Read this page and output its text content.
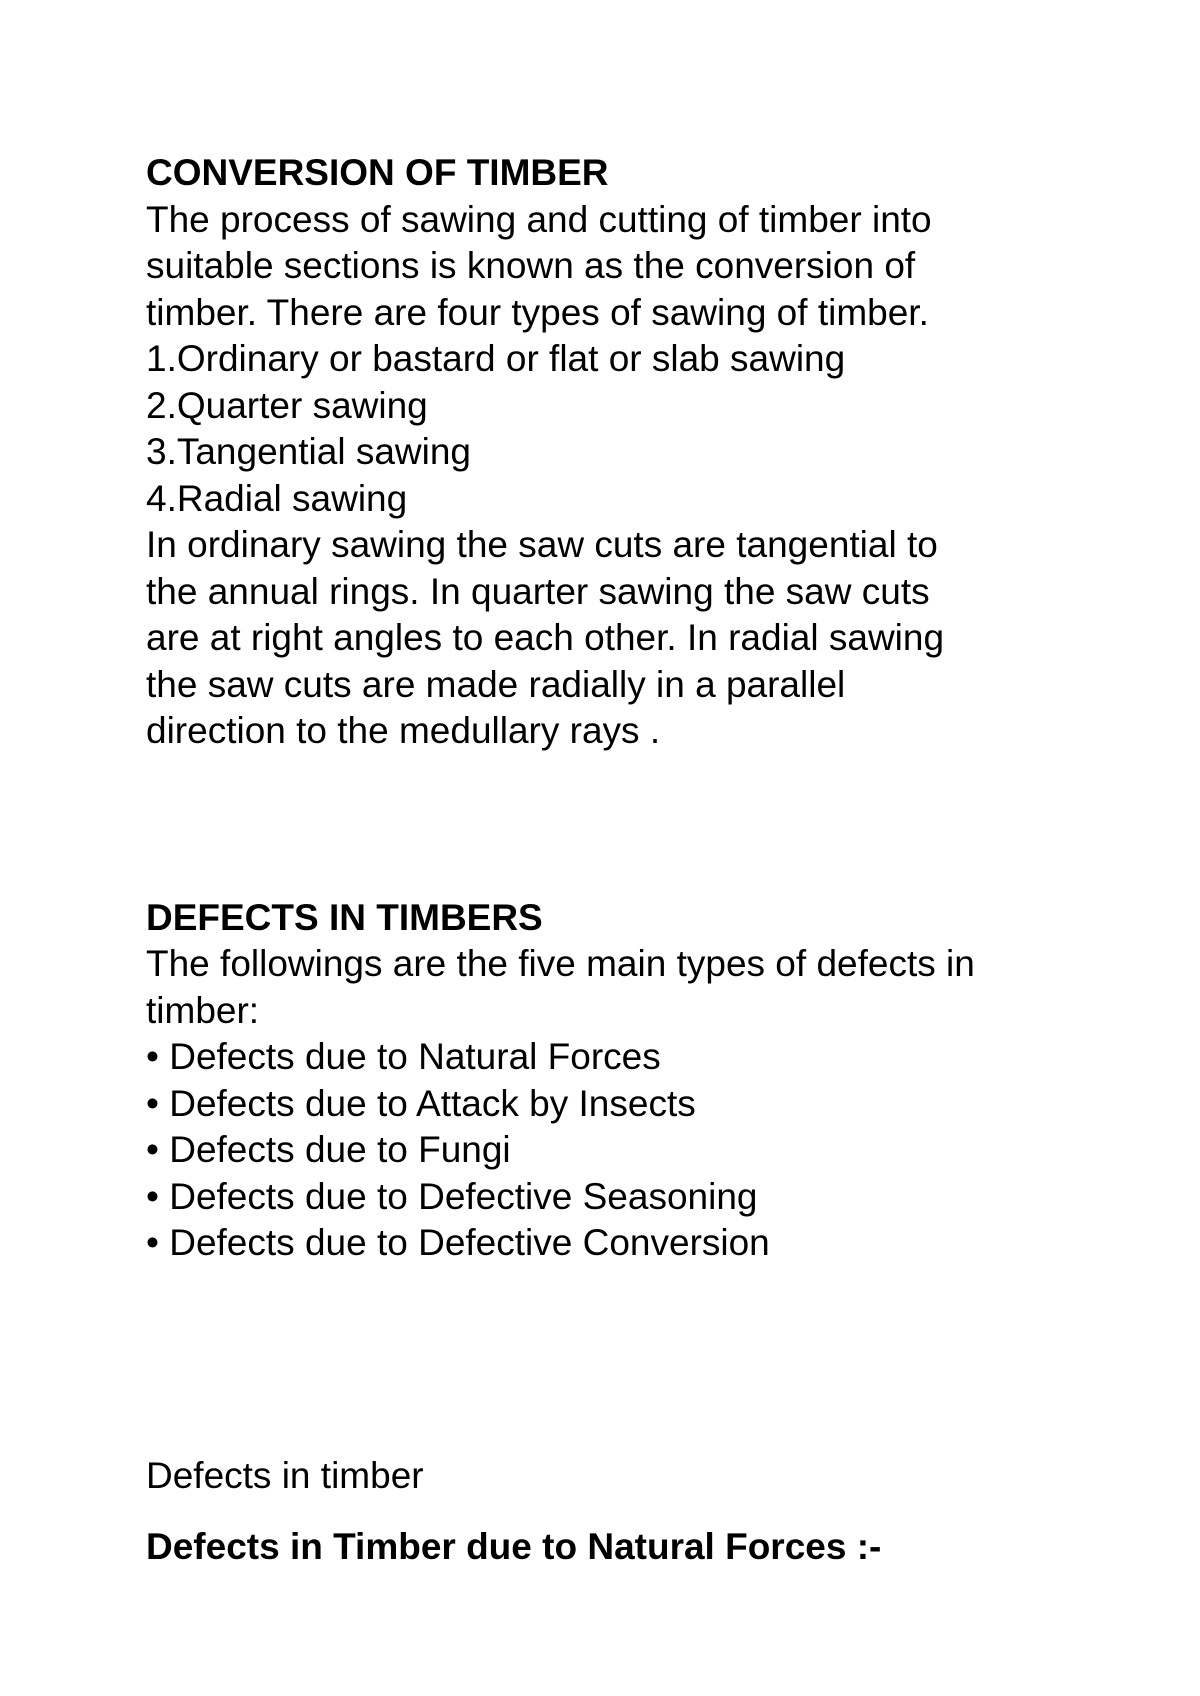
CONVERSION OF TIMBER

The process of sawing and cutting of timber into

suitable sections is known as the conversion of

timber. There are four types of sawing of timber.

1.Ordinary or bastard or flat or slab sawing

2.Quarter sawing

3.Tangential sawing

4.Radial sawing

In ordinary sawing the saw cuts are tangential to

the annual rings. In quarter sawing the saw cuts

are at right angles to each other. In radial sawing

the saw cuts are made radially in a parallel

direction to the medullary rays .

DEFECTS IN TIMBERS

The followings are the five main types of defects in

timber:

• Defects due to Natural Forces

• Defects due to Attack by Insects

• Defects due to Fungi

• Defects due to Defective Seasoning

• Defects due to Defective Conversion

Defects in timber

Defects in Timber due to Natural Forces :-
